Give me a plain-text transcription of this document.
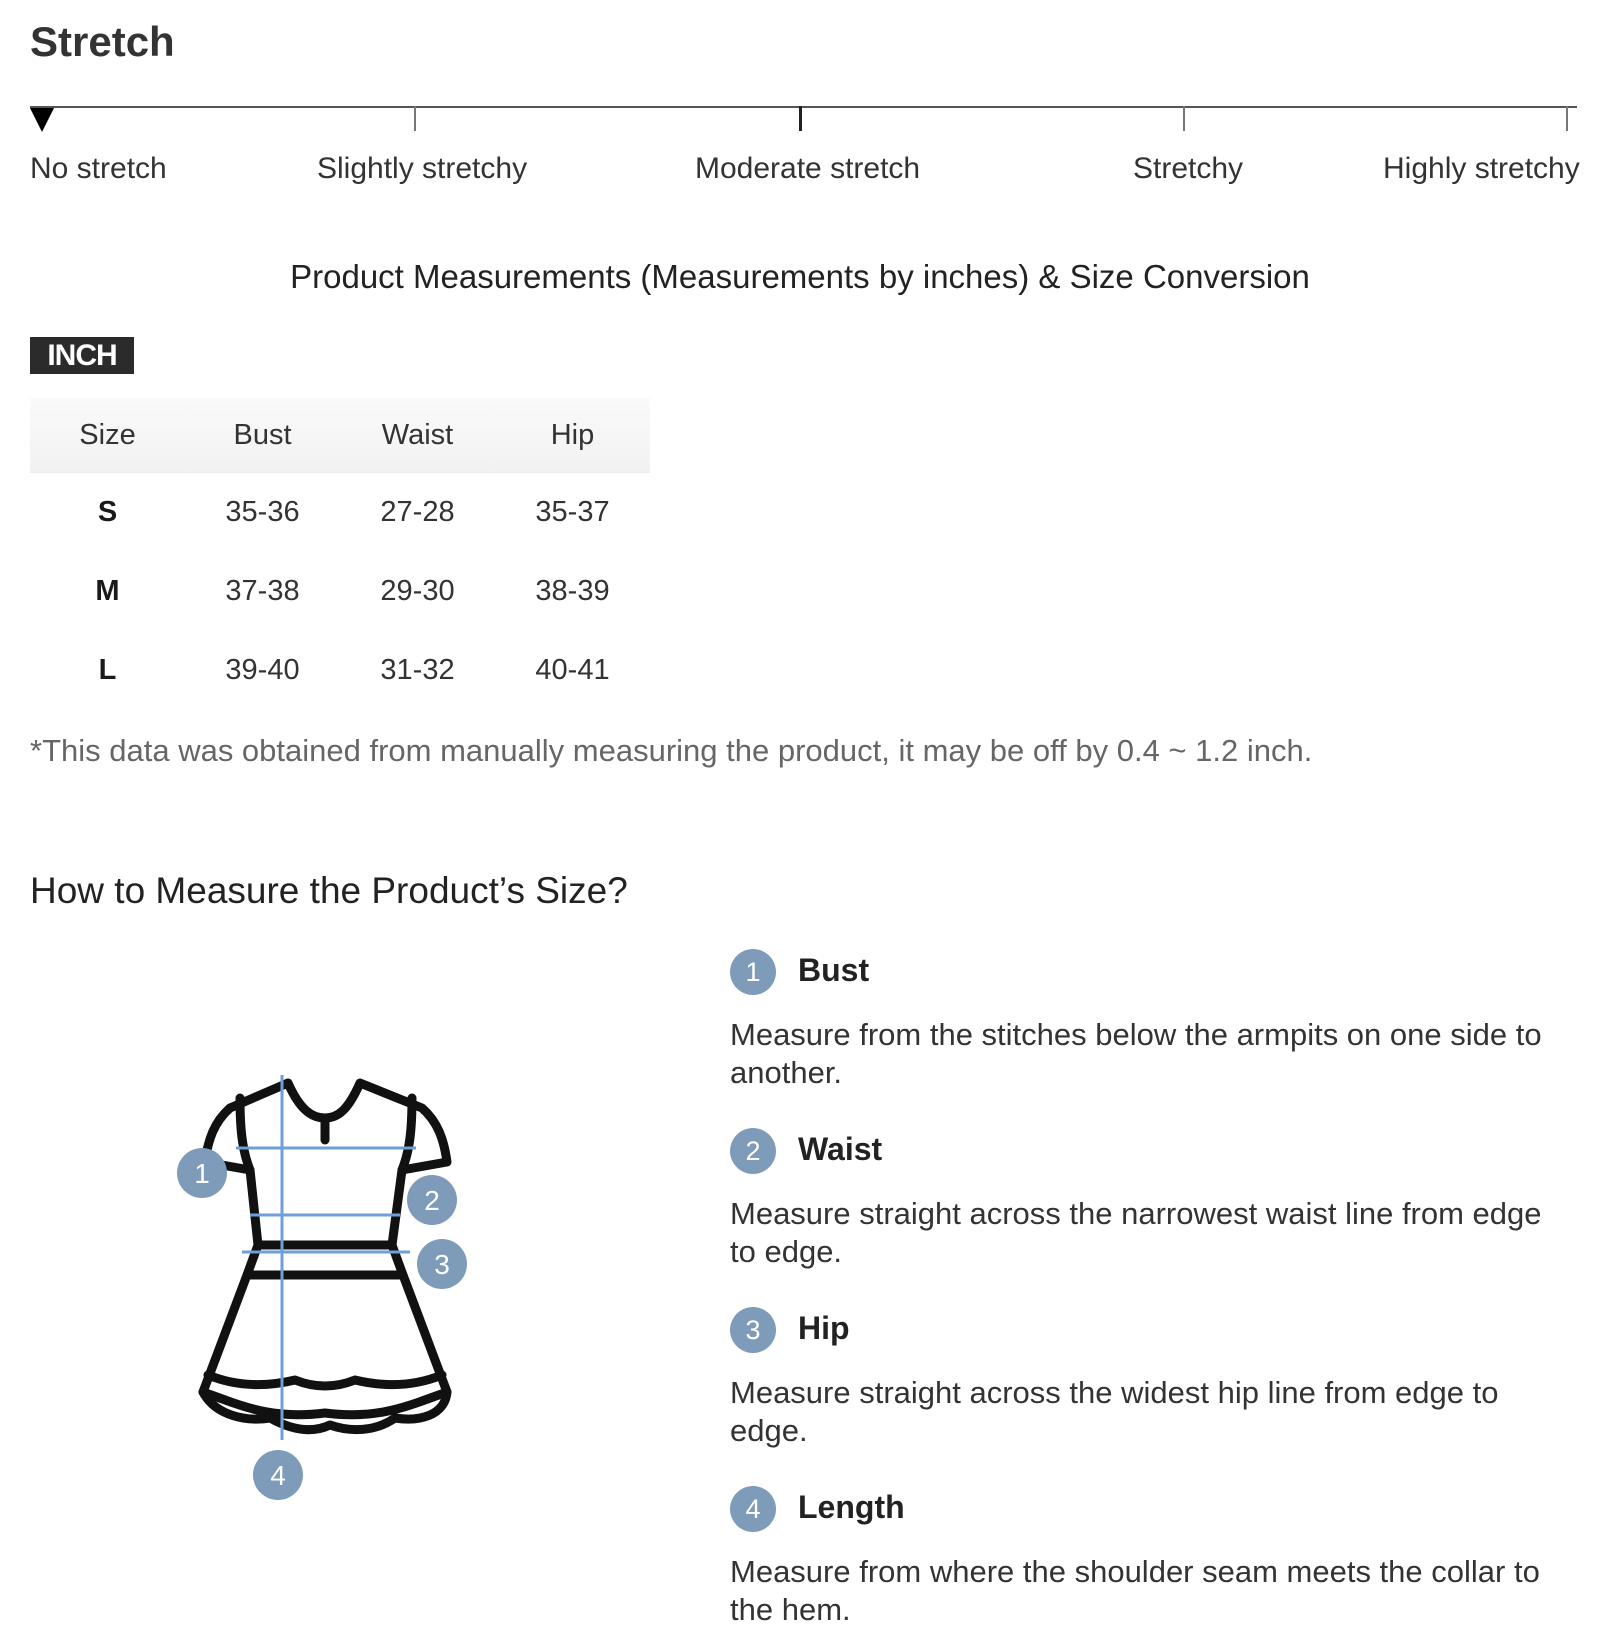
Stretch
No stretch	Slightly stretchy	Moderate stretch	Stretchy	Highly stretchy
Product Measurements (Measurements by inches) & Size Conversion
INCH
Size	Bust	Waist	Hip
S	35-36	27-28	35-37
M	37-38	29-30	38-39
L	39-40	31-32	40-41
*This data was obtained from manually measuring the product, it may be off by 0.4 ~ 1.2 inch.
How to Measure the Product’s Size?
1
2
3
4
1	Bust
Measure from the stitches below the armpits on one side to another.
2	Waist
Measure straight across the narrowest waist line from edge to edge.
3	Hip
Measure straight across the widest hip line from edge to edge.
4	Length
Measure from where the shoulder seam meets the collar to the hem.
